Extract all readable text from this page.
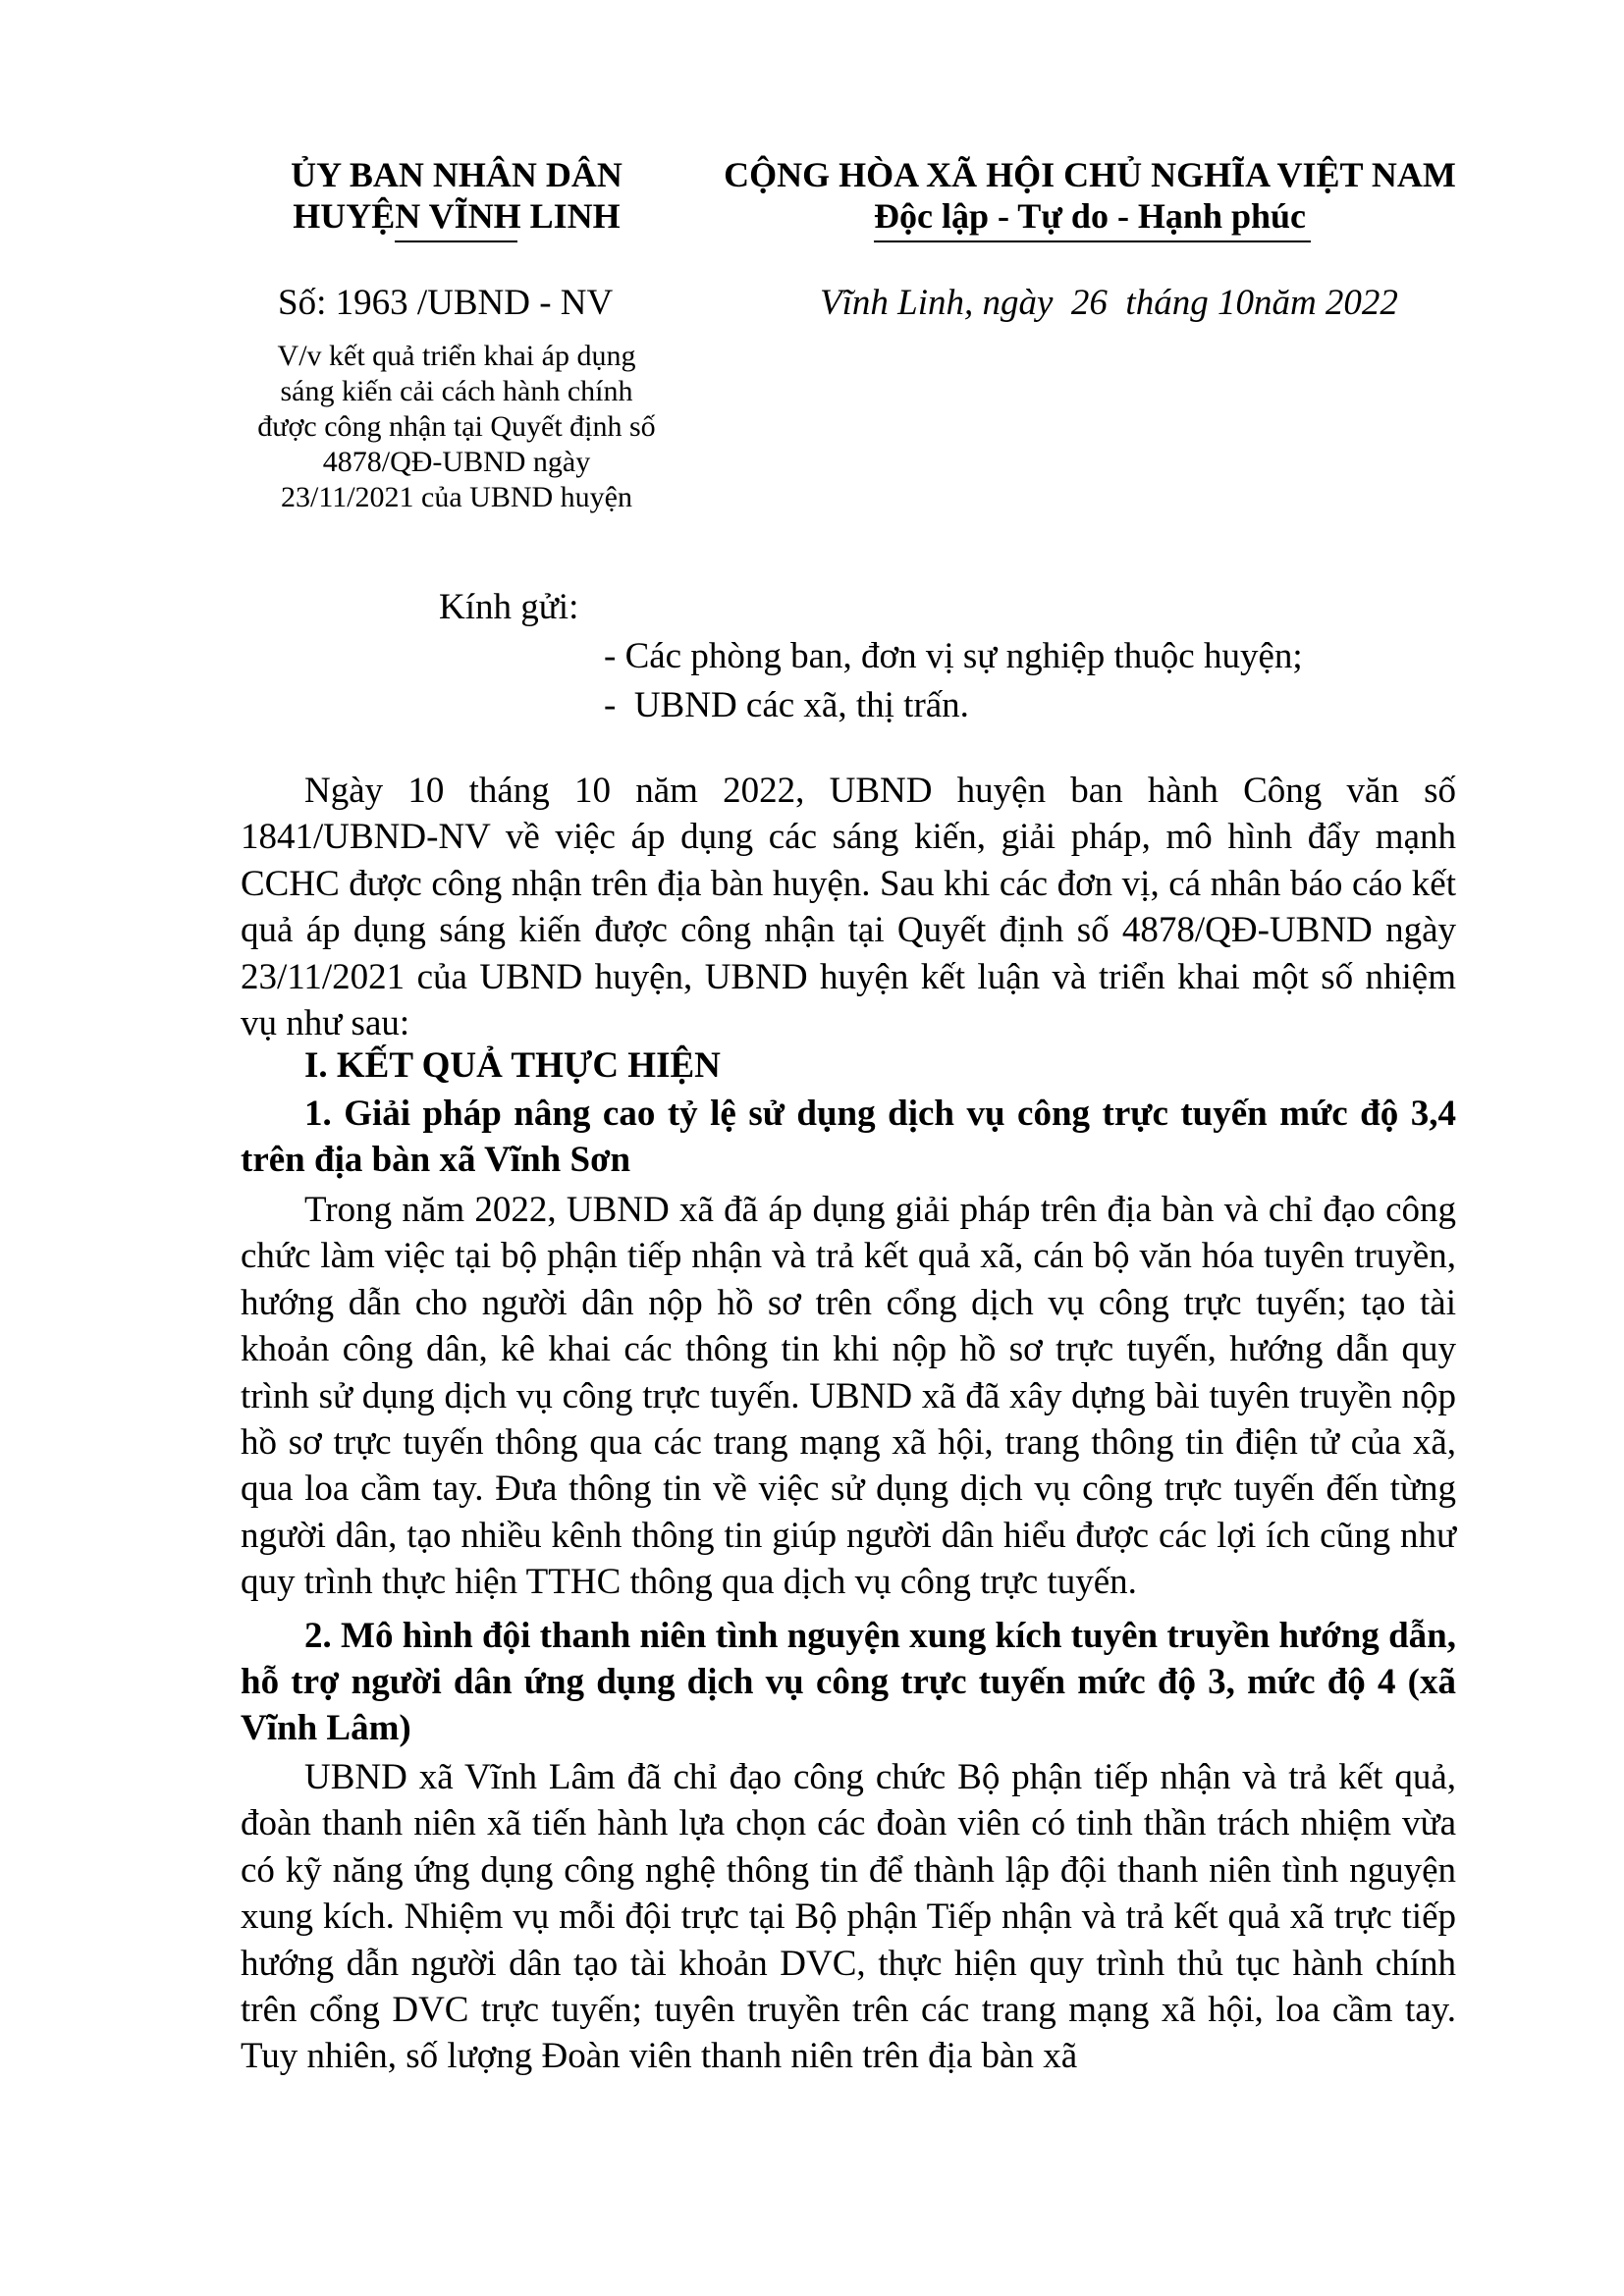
ỦY BAN NHÂN DÂN
HUYỆN VĨNH LINH
Số: 1963 /UBND - NV
V/v kết quả triển khai áp dụng
sáng kiến cải cách hành chính
được công nhận tại Quyết định số
4878/QĐ-UBND ngày
23/11/2021 của UBND huyện
CỘNG HÒA XÃ HỘI CHỦ NGHĨA VIỆT NAM
Độc lập - Tự do - Hạnh phúc
Vĩnh Linh, ngày  26  tháng 10năm 2022
Kính gửi:
- Các phòng ban, đơn vị sự nghiệp thuộc huyện;
-  UBND các xã, thị trấn.
Ngày 10 tháng 10 năm 2022, UBND huyện ban hành Công văn số 1841/UBND-NV về việc áp dụng các sáng kiến, giải pháp, mô hình đẩy mạnh CCHC được công nhận trên địa bàn huyện. Sau khi các đơn vị, cá nhân báo cáo kết quả áp dụng sáng kiến được công nhận tại Quyết định số 4878/QĐ-UBND ngày 23/11/2021 của UBND huyện, UBND huyện kết luận và triển khai một số nhiệm vụ như sau:
I. KẾT QUẢ THỰC HIỆN
1. Giải pháp nâng cao tỷ lệ sử dụng dịch vụ công trực tuyến mức độ 3,4 trên địa bàn xã Vĩnh Sơn
Trong năm 2022, UBND xã đã áp dụng giải pháp trên địa bàn và chỉ đạo công chức làm việc tại bộ phận tiếp nhận và trả kết quả xã, cán bộ văn hóa tuyên truyền, hướng dẫn cho người dân nộp hồ sơ trên cổng dịch vụ công trực tuyến; tạo tài khoản công dân, kê khai các thông tin khi nộp hồ sơ trực tuyến, hướng dẫn quy trình sử dụng dịch vụ công trực tuyến. UBND xã đã xây dựng bài tuyên truyền nộp hồ sơ trực tuyến thông qua các trang mạng xã hội, trang thông tin điện tử của xã, qua loa cầm tay. Đưa thông tin về việc sử dụng dịch vụ công trực tuyến đến từng người dân, tạo nhiều kênh thông tin giúp người dân hiểu được các lợi ích cũng như quy trình thực hiện TTHC thông qua dịch vụ công trực tuyến.
2. Mô hình đội thanh niên tình nguyện xung kích tuyên truyền hướng dẫn, hỗ trợ người dân ứng dụng dịch vụ công trực tuyến mức độ 3, mức độ 4 (xã Vĩnh Lâm)
UBND xã Vĩnh Lâm đã chỉ đạo công chức Bộ phận tiếp nhận và trả kết quả, đoàn thanh niên xã tiến hành lựa chọn các đoàn viên có tinh thần trách nhiệm vừa có kỹ năng ứng dụng công nghệ thông tin để thành lập đội thanh niên tình nguyện xung kích. Nhiệm vụ mỗi đội trực tại Bộ phận Tiếp nhận và trả kết quả xã trực tiếp hướng dẫn người dân tạo tài khoản DVC, thực hiện quy trình thủ tục hành chính trên cổng DVC trực tuyến; tuyên truyền trên các trang mạng xã hội, loa cầm tay. Tuy nhiên, số lượng Đoàn viên thanh niên trên địa bàn xã
